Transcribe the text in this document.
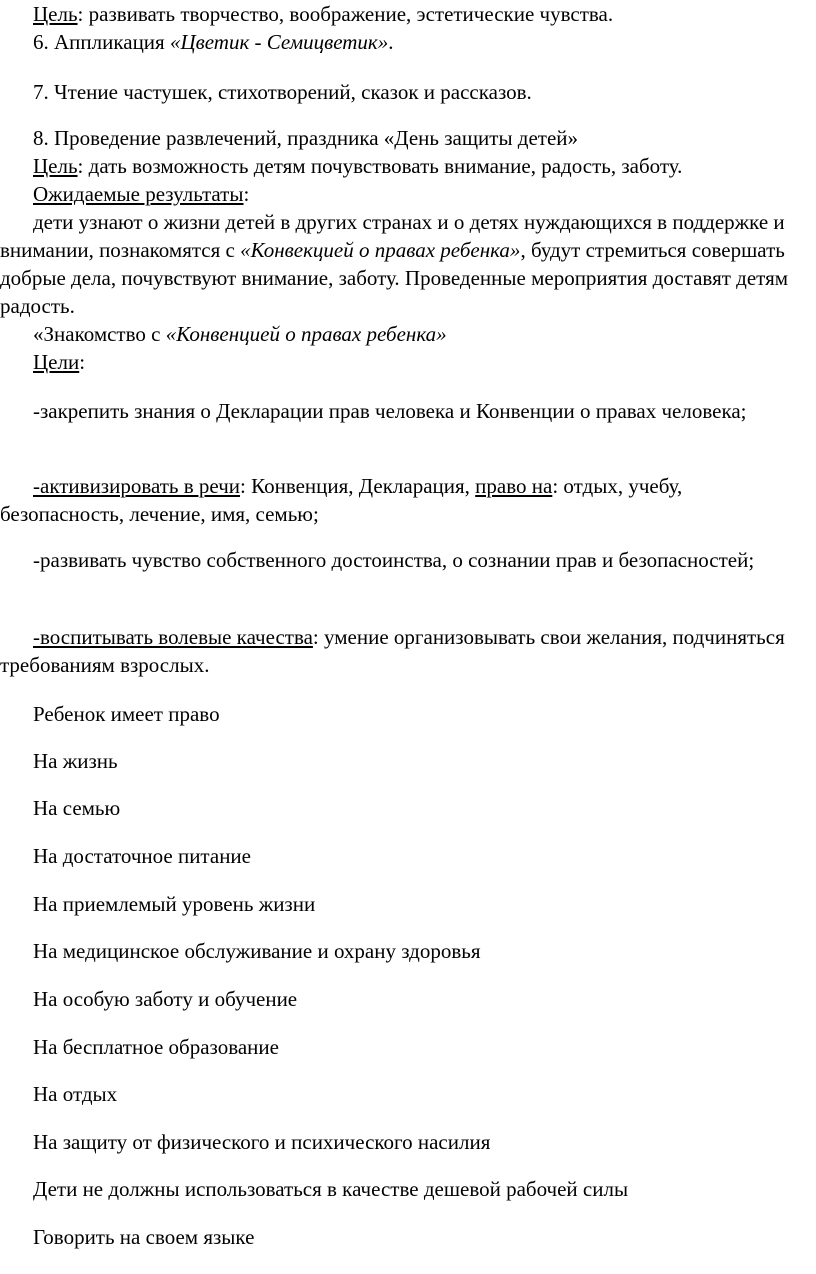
Цель: развивать творчество, воображение, эстетические чувства.

6. Аппликация «Цветик - Семицветик».

7. Чтение частушек, стихотворений, сказок и рассказов.

8. Проведение развлечений, праздника «День защиты детей»

Цель: дать возможность детям почувствовать внимание, радость, заботу.

Ожидаемые результаты:

дети узнают о жизни детей в других странах и о детях нуждающихся в поддержке и внимании, познакомятся с «Конвекцией о правах ребенка», будут стремиться совершать добрые дела, почувствуют внимание, заботу. Проведенные мероприятия доставят детям радость.

«Знакомство с «Конвенцией о правах ребенка»

Цели:

-закрепить знания о Декларации прав человека и Конвенции о правах человека;

-активизировать в речи: Конвенция, Декларация, право на: отдых, учебу, безопасность, лечение, имя, семью;

-развивать чувство собственного достоинства, о сознании прав и безопасностей;

-воспитывать волевые качества: умение организовывать свои желания, подчиняться требованиям взрослых.

Ребенок имеет право

На жизнь

На семью

На достаточное питание

На приемлемый уровень жизни

На медицинское обслуживание и охрану здоровья

На особую заботу и обучение

На бесплатное образование

На отдых

На защиту от физического и психического насилия

Дети не должны использоваться в качестве дешевой рабочей силы

Говорить на своем языке
